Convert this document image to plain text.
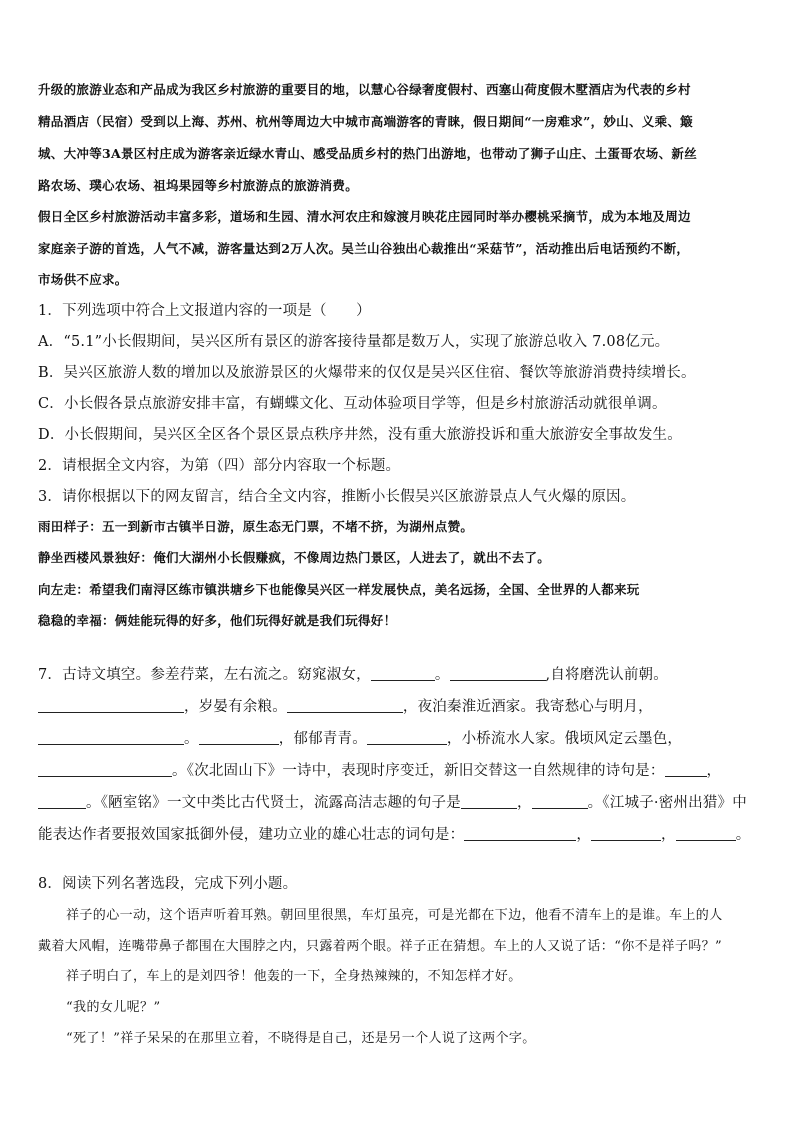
升级的旅游业态和产品成为我区乡村旅游的重要目的地，以慧心谷绿奢度假村、西塞山荷度假木墅酒店为代表的乡村
精品酒店（民宿）受到以上海、苏州、杭州等周边大中城市高端游客的青睐，假日期间“一房难求”，妙山、义乘、簸
城、大冲等3A景区村庄成为游客亲近绿水青山、感受品质乡村的热门出游地，也带动了狮子山庄、土蛋哥农场、新丝
路农场、璞心农场、祖坞果园等乡村旅游点的旅游消费。
假日全区乡村旅游活动丰富多彩，道场和生园、清水河农庄和嫁渡月映花庄园同时举办樱桃采摘节，成为本地及周边
家庭亲子游的首选，人气不减，游客量达到2万人次。吴兰山谷独出心裁推出“采菇节”，活动推出后电话预约不断，
市场供不应求。
1．下列选项中符合上文报道内容的一项是（　　）
A．“5.1”小长假期间，吴兴区所有景区的游客接待量都是数万人，实现了旅游总收入 7.08亿元。
B．吴兴区旅游人数的增加以及旅游景区的火爆带来的仅仅是吴兴区住宿、餐饮等旅游消费持续增长。
C．小长假各景点旅游安排丰富，有蝴蝶文化、互动体验项目学等，但是乡村旅游活动就很单调。
D．小长假期间，吴兴区全区各个景区景点秩序井然，没有重大旅游投诉和重大旅游安全事故发生。
2．请根据全文内容，为第（四）部分内容取一个标题。
3．请你根据以下的网友留言，结合全文内容，推断小长假吴兴区旅游景点人气火爆的原因。
雨田样子：五一到新市古镇半日游，原生态无门票，不堵不挤，为湖州点赞。
静坐西楼风景独好：俺们大湖州小长假赚疯，不像周边热门景区，人进去了，就出不去了。
向左走：希望我们南浔区练市镇洪塘乡下也能像吴兴区一样发展快点，美名远扬，全国、全世界的人都来玩
稳稳的幸福：俩娃能玩得的好多，他们玩得好就是我们玩得好！
7．古诗文填空。参差荇菜，左右流之。窈窕淑女，	。	,自将磨洗认前朝。
，岁晏有余粮。	，夜泊秦淮近酒家。我寄愁心与明月，
。	，郁郁青青。	，小桥流水人家。俄顷风定云墨色，
。《次北固山下》一诗中，表现时序变迁，新旧交替这一自然规律的诗句是：	，
。《陋室铭》一文中类比古代贤士，流露高洁志趣的句子是	，	。《江城子·密州出猎》中
能表达作者要报效国家抵御外侵，建功立业的雄心壮志的词句是：	，	，	。
8．阅读下列名著选段，完成下列小题。
祥子的心一动，这个语声听着耳熟。朝回里很黑，车灯虽亮，可是光都在下边，他看不清车上的是谁。车上的人
戴着大风帽，连嘴带鼻子都围在大围脖之内，只露着两个眼。祥子正在猜想。车上的人又说了话：“你不是祥子吗？”
祥子明白了，车上的是刘四爷！他轰的一下，全身热辣辣的，不知怎样才好。
“我的女儿呢？”
“死了！”祥子呆呆的在那里立着，不晓得是自己，还是另一个人说了这两个字。
